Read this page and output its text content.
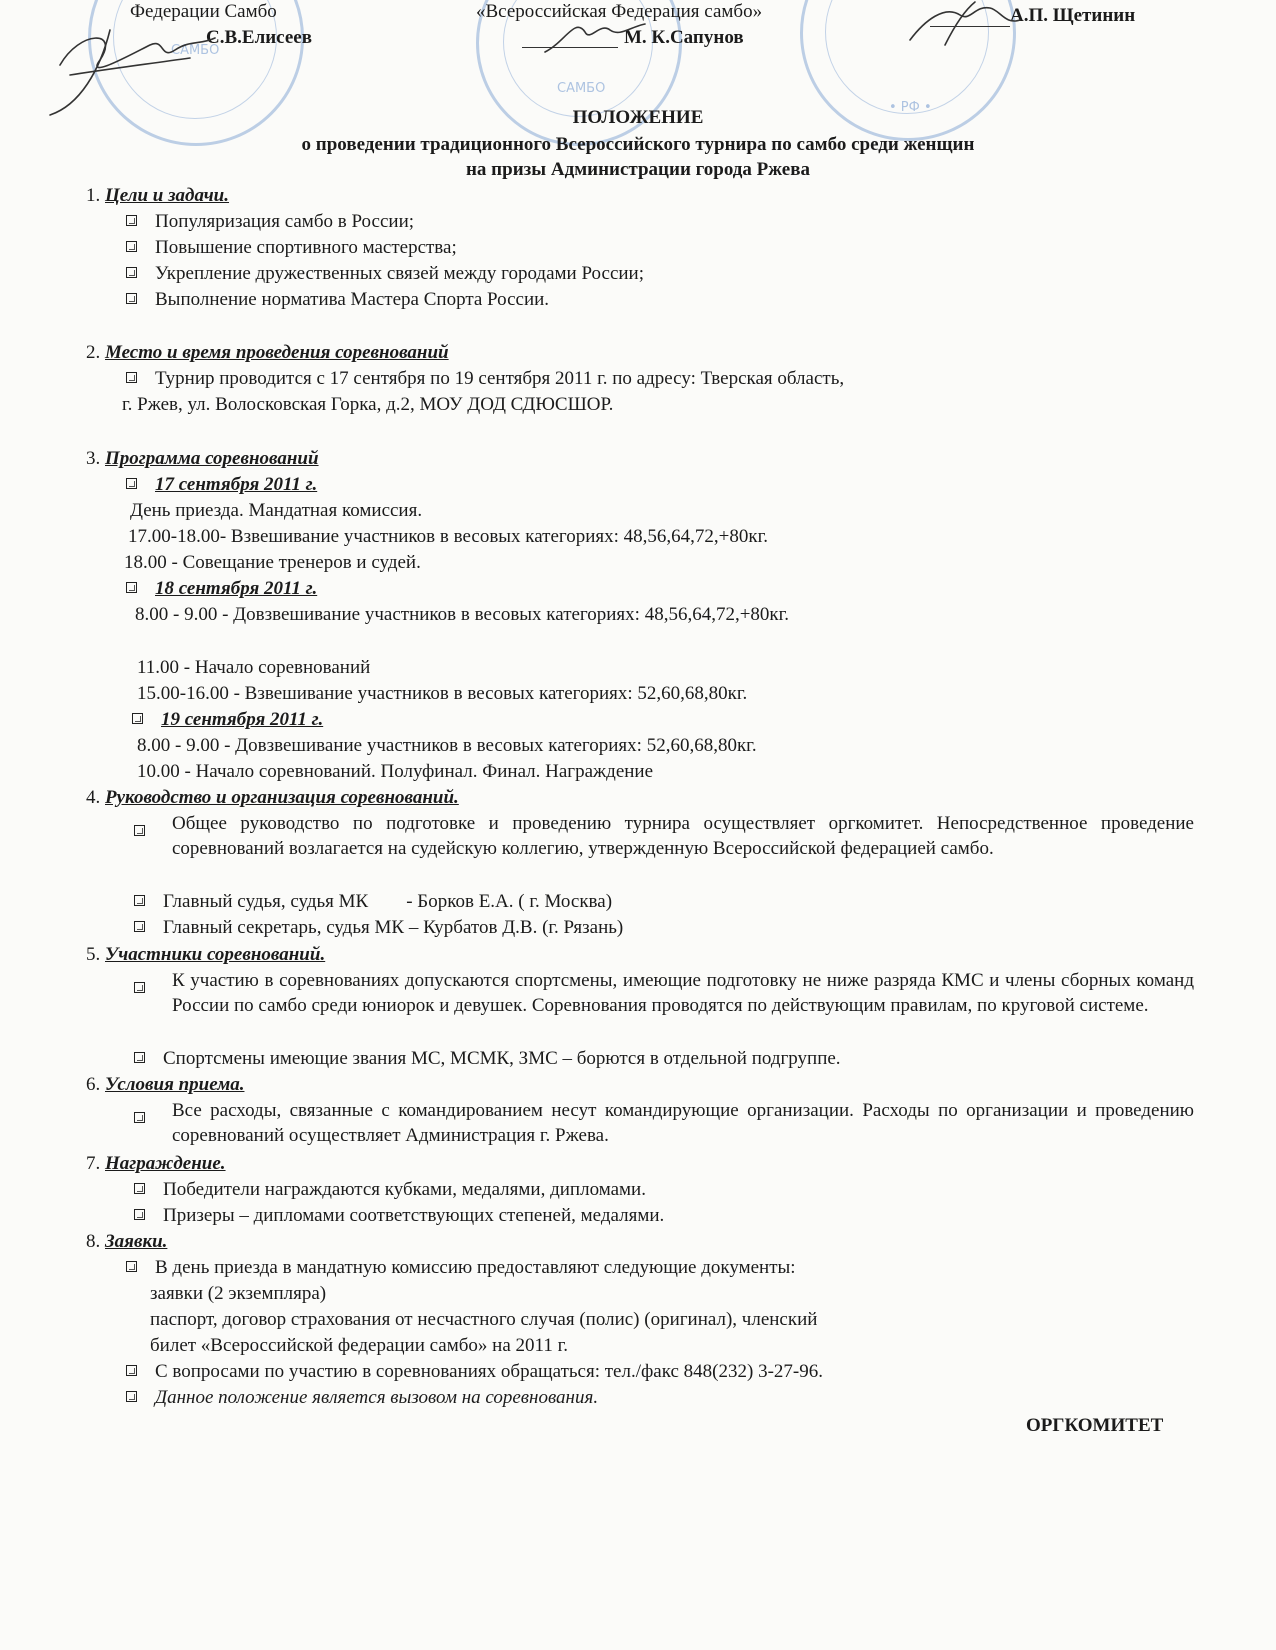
САМБО
САМБО
• РФ •
Федерации Самбо
С.В.Елисеев
«Всероссийская Федерация самбо»
М. К.Сапунов
А.П. Щетинин
ПОЛОЖЕНИЕ
о проведении традиционного Всероссийского турнира по самбо среди женщин
на призы Администрации города Ржева
1. Цели и задачи.
Популяризация самбо в России;
Повышение спортивного мастерства;
Укрепление дружественных связей между городами России;
Выполнение норматива Мастера Спорта России.
2. Место и время проведения соревнований
Турнир проводится с 17 сентября по 19 сентября 2011 г. по адресу: Тверская область,
г. Ржев, ул. Волосковская Горка, д.2, МОУ ДОД СДЮСШОР.
3. Программа соревнований
17 сентября 2011 г.
День приезда. Мандатная комиссия.
17.00-18.00- Взвешивание участников в весовых категориях: 48,56,64,72,+80кг.
18.00 - Совещание тренеров и судей.
18 сентября 2011 г.
8.00 - 9.00 - Довзвешивание участников в весовых категориях: 48,56,64,72,+80кг.
11.00 - Начало соревнований
15.00-16.00 - Взвешивание участников в весовых категориях: 52,60,68,80кг.
19 сентября 2011 г.
8.00 - 9.00 - Довзвешивание участников в весовых категориях: 52,60,68,80кг.
10.00 - Начало соревнований. Полуфинал. Финал. Награждение
4. Руководство и организация соревнований.
Общее руководство по подготовке и проведению турнира осуществляет оргкомитет. Непосредственное проведение соревнований возлагается на судейскую коллегию, утвержденную Всероссийской федерацией самбо.
Главный судья, судья МК        - Борков Е.А. ( г. Москва)
Главный секретарь, судья МК – Курбатов Д.В. (г. Рязань)
5. Участники соревнований.
К участию в соревнованиях допускаются спортсмены, имеющие подготовку не ниже разряда КМС и члены сборных команд России по самбо среди юниорок и девушек. Соревнования проводятся по действующим правилам, по круговой системе.
Спортсмены имеющие звания МС, МСМК, ЗМС – борются в отдельной подгруппе.
6. Условия приема.
Все расходы, связанные с командированием несут командирующие организации. Расходы по организации и проведению соревнований осуществляет Администрация г. Ржева.
7. Награждение.
Победители награждаются кубками, медалями, дипломами.
Призеры – дипломами соответствующих степеней, медалями.
8. Заявки.
В день приезда в мандатную комиссию предоставляют следующие документы:
заявки (2 экземпляра)
паспорт, договор страхования от несчастного случая (полис) (оригинал), членский
билет «Всероссийской федерации самбо» на 2011 г.
С вопросами по участию в соревнованиях обращаться: тел./факс 848(232) 3-27-96.
Данное положение является вызовом на соревнования.
ОРГКОМИТЕТ
